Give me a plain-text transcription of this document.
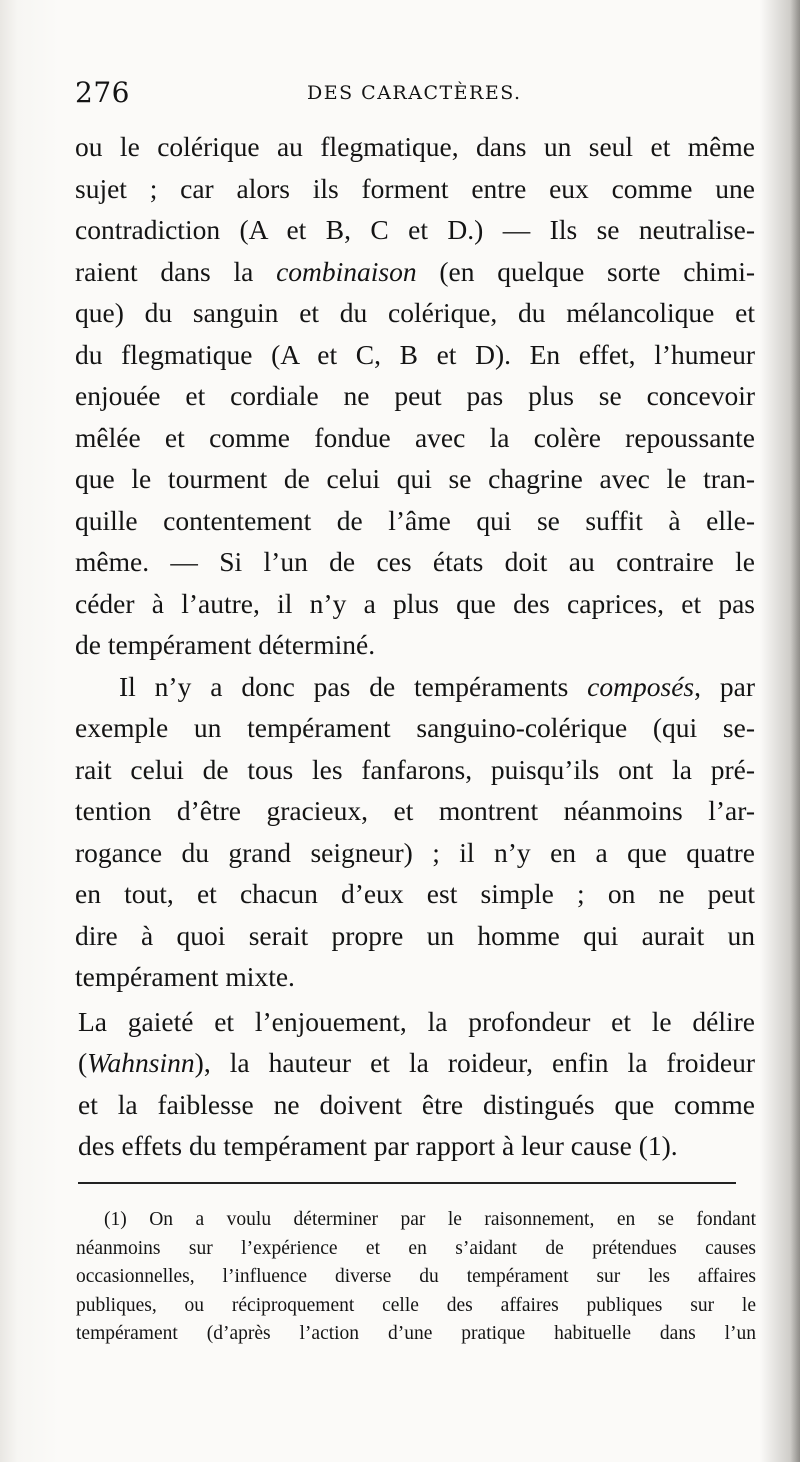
276	DES CARACTÈRES.

ou le colérique au flegmatique, dans un seul et même
sujet ; car alors ils forment entre eux comme une
contradiction (A et B, C et D.) — Ils se neutralise-
raient dans la combinaison (en quelque sorte chimi-
que) du sanguin et du colérique, du mélancolique et
du flegmatique (A et C, B et D). En effet, l’humeur
enjouée et cordiale ne peut pas plus se concevoir
mêlée et comme fondue avec la colère repoussante
que le tourment de celui qui se chagrine avec le tran-
quille contentement de l’âme qui se suffit à elle-
même. — Si l’un de ces états doit au contraire le
céder à l’autre, il n’y a plus que des caprices, et pas
de tempérament déterminé.

Il n’y a donc pas de tempéraments composés, par
exemple un tempérament sanguino-colérique (qui se-
rait celui de tous les fanfarons, puisqu’ils ont la pré-
tention d’être gracieux, et montrent néanmoins l’ar-
rogance du grand seigneur) ; il n’y en a que quatre
en tout, et chacun d’eux est simple ; on ne peut
dire à quoi serait propre un homme qui aurait un
tempérament mixte.

La gaieté et l’enjouement, la profondeur et le délire
(Wahnsinn), la hauteur et la roideur, enfin la froideur
et la faiblesse ne doivent être distingués que comme
des effets du tempérament par rapport à leur cause (1).

(1) On a voulu déterminer par le raisonnement, en se fondant
néanmoins sur l’expérience et en s’aidant de prétendues causes
occasionnelles, l’influence diverse du tempérament sur les affaires
publiques, ou réciproquement celle des affaires publiques sur le
tempérament (d’après l’action d’une pratique habituelle dans l’un
